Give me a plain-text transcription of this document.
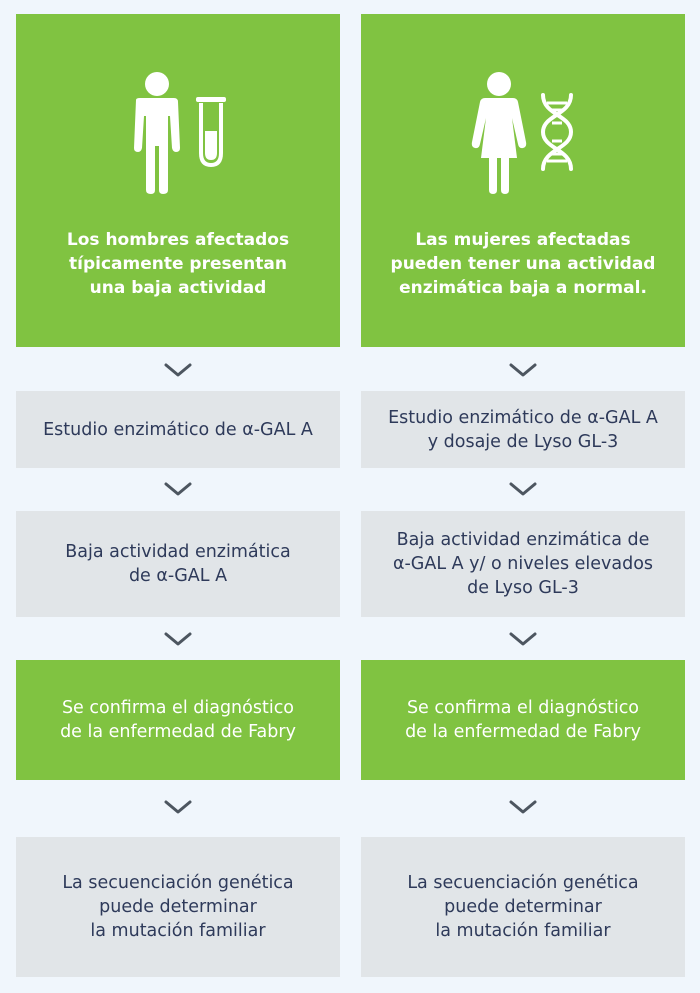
Los hombres afectados
típicamente presentan
una baja actividad
Estudio enzimático de α-GAL A
Baja actividad enzimática
de α-GAL A
Se confirma el diagnóstico
de la enfermedad de Fabry
La secuenciación genética
puede determinar
la mutación familiar
Las mujeres afectadas
pueden tener una actividad
enzimática baja a normal.
Estudio enzimático de α-GAL A
y dosaje de Lyso GL-3
Baja actividad enzimática de
α-GAL A y/ o niveles elevados
de Lyso GL-3
Se confirma el diagnóstico
de la enfermedad de Fabry
La secuenciación genética
puede determinar
la mutación familiar
